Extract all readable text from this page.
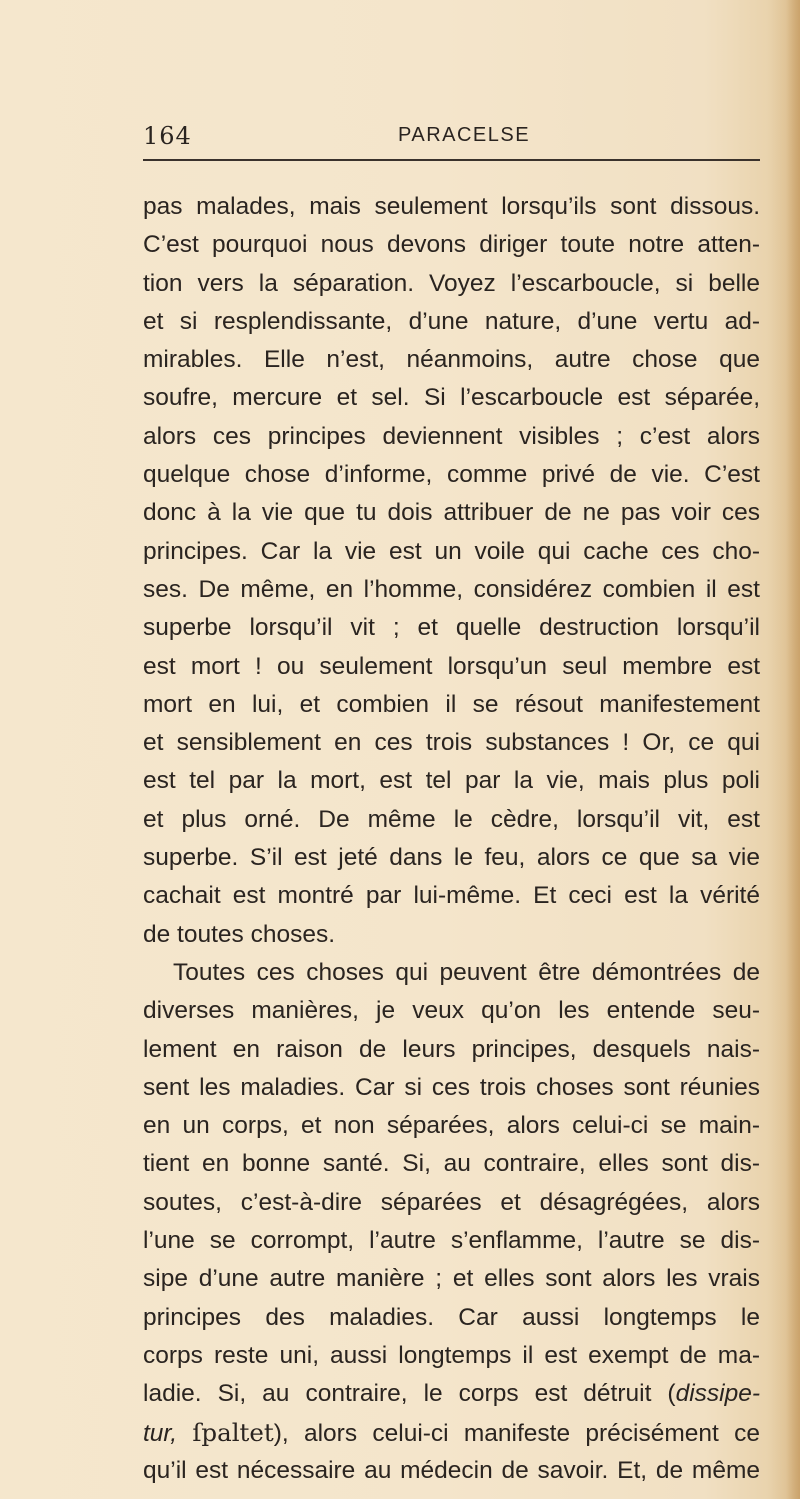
164	PARACELSE
pas malades, mais seulement lorsqu’ils sont dissous.
C’est pourquoi nous devons diriger toute notre atten-
tion vers la séparation. Voyez l’escarboucle, si belle
et si resplendissante, d’une nature, d’une vertu ad-
mirables. Elle n’est, néanmoins, autre chose que
soufre, mercure et sel. Si l’escarboucle est séparée,
alors ces principes deviennent visibles ; c’est alors
quelque chose d’informe, comme privé de vie. C’est
donc à la vie que tu dois attribuer de ne pas voir ces
principes. Car la vie est un voile qui cache ces cho-
ses. De même, en l’homme, considérez combien il est
superbe lorsqu’il vit ; et quelle destruction lorsqu’il
est mort ! ou seulement lorsqu’un seul membre est
mort en lui, et combien il se résout manifestement
et sensiblement en ces trois substances ! Or, ce qui
est tel par la mort, est tel par la vie, mais plus poli
et plus orné. De même le cèdre, lorsqu’il vit, est
superbe. S’il est jeté dans le feu, alors ce que sa vie
cachait est montré par lui-même. Et ceci est la vérité
de toutes choses.
Toutes ces choses qui peuvent être démontrées de
diverses manières, je veux qu’on les entende seu-
lement en raison de leurs principes, desquels nais-
sent les maladies. Car si ces trois choses sont réunies
en un corps, et non séparées, alors celui-ci se main-
tient en bonne santé. Si, au contraire, elles sont dis-
soutes, c’est-à-dire séparées et désagrégées, alors
l’une se corrompt, l’autre s’enflamme, l’autre se dis-
sipe d’une autre manière ; et elles sont alors les vrais
principes des maladies. Car aussi longtemps le
corps reste uni, aussi longtemps il est exempt de ma-
ladie. Si, au contraire, le corps est détruit (dissipe-
tur, ſpaltet), alors celui-ci manifeste précisément ce
qu’il est nécessaire au médecin de savoir. Et, de même
